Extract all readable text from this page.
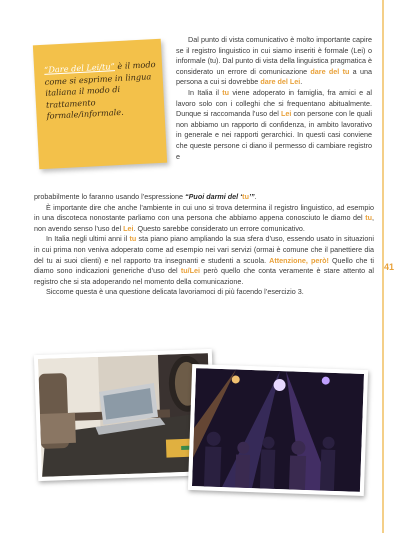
41
“Dare del Lei/tu” è il modo come si esprime in lingua italiana il modo di trattamento formale/informale.

Dal punto di vista comunicativo è molto importante capire se il registro linguistico in cui siamo inseriti è formale (Lei) o informale (tu). Dal punto di vista della linguistica pragmatica è considerato un errore di comunicazione dare del tu a una persona a cui si dovrebbe dare del Lei.

In Italia il tu viene adoperato in famiglia, fra amici e al lavoro solo con i colleghi che si frequentano abitualmente. Dunque si raccomanda l’uso del Lei con persone con le quali non abbiamo un rapporto di confidenza, in ambito lavorativo in generale e nei rapporti gerarchici. In questi casi conviene che queste persone ci diano il permesso di cambiare registro e

probabilmente lo faranno usando l’espressione “Puoi darmi del ‘tu’”.

È importante dire che anche l’ambiente in cui uno si trova determina il registro linguistico, ad esempio in una discoteca nonostante parliamo con una persona che abbiamo appena conosciuto le diamo del tu, non avendo senso l’uso del Lei. Questo sarebbe considerato un errore comunicativo.

In Italia negli ultimi anni il tu sta piano piano ampliando la sua sfera d’uso, essendo usato in situazioni in cui prima non veniva adoperato come ad esempio nei vari servizi (ormai è comune che il panettiere dia del tu ai suoi clienti) e nel rapporto tra insegnanti e studenti a scuola. Attenzione, però! Quello che ti diamo sono indicazioni generiche d’uso del tu/Lei però quello che conta veramente è stare attento al registro che si sta adoperando nel momento della comunicazione.

Siccome questa è una questione delicata lavoriamoci di più facendo l’esercizio 3.
